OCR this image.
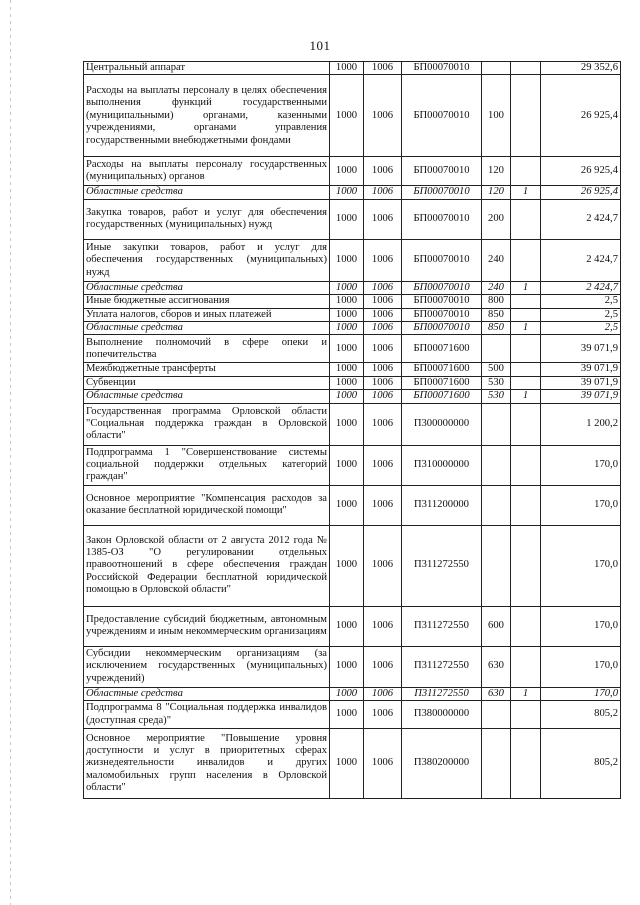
101
Центральный аппарат	1000	1006	БП00070010			29 352,6
Расходы на выплаты персоналу в целях обеспечения выполнения функций государственными (муниципальными) органами, казенными учреждениями, органами управления государственными внебюджетными фондами	1000	1006	БП00070010	100		26 925,4
Расходы на выплаты персоналу государственных (муниципальных) органов	1000	1006	БП00070010	120		26 925,4
Областные средства	1000	1006	БП00070010	120	1	26 925,4
Закупка товаров, работ и услуг для обеспечения государственных (муниципальных) нужд	1000	1006	БП00070010	200		2 424,7
Иные закупки товаров, работ и услуг для обеспечения государственных (муниципальных) нужд	1000	1006	БП00070010	240		2 424,7
Областные средства	1000	1006	БП00070010	240	1	2 424,7
Иные бюджетные ассигнования	1000	1006	БП00070010	800		2,5
Уплата налогов, сборов и иных платежей	1000	1006	БП00070010	850		2,5
Областные средства	1000	1006	БП00070010	850	1	2,5
Выполнение полномочий в сфере опеки и попечительства	1000	1006	БП00071600			39 071,9
Межбюджетные трансферты	1000	1006	БП00071600	500		39 071,9
Субвенции	1000	1006	БП00071600	530		39 071,9
Областные средства	1000	1006	БП00071600	530	1	39 071,9
Государственная программа Орловской области "Социальная поддержка граждан в Орловской области"	1000	1006	П300000000			1 200,2
Подпрограмма 1 "Совершенствование системы социальной поддержки отдельных категорий граждан"	1000	1006	П310000000			170,0
Основное мероприятие "Компенсация расходов за оказание бесплатной юридической помощи"	1000	1006	П311200000			170,0
Закон Орловской области от 2 августа 2012 года № 1385-ОЗ "О регулировании отдельных правоотношений в сфере обеспечения граждан Российской Федерации бесплатной юридической помощью в Орловской области"	1000	1006	П311272550			170,0
Предоставление субсидий бюджетным, автономным учреждениям и иным некоммерческим организациям	1000	1006	П311272550	600		170,0
Субсидии некоммерческим организациям (за исключением государственных (муниципальных) учреждений)	1000	1006	П311272550	630		170,0
Областные средства	1000	1006	П311272550	630	1	170,0
Подпрограмма 8 "Социальная поддержка инвалидов (доступная среда)"	1000	1006	П380000000			805,2
Основное мероприятие "Повышение уровня доступности и услуг в приоритетных сферах жизнедеятельности инвалидов и других маломобильных групп населения в Орловской области"	1000	1006	П380200000			805,2
